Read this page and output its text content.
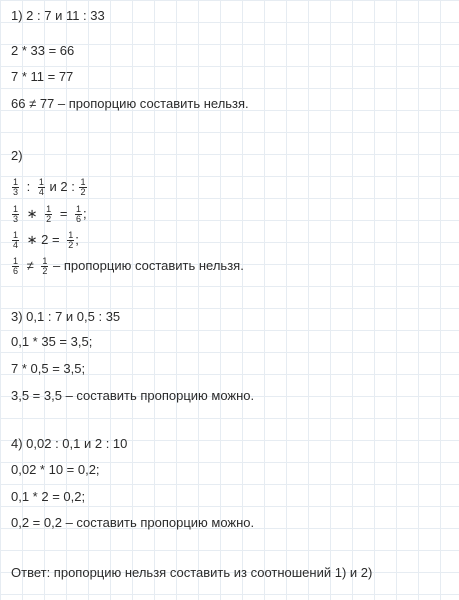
1) 2 : 7 и 11 : 33
2 * 33 = 66
7 * 11 = 77
66 ≠ 77 – пропорцию составить нельзя.
2)
$\frac{1}{3}$ : $\frac{1}{4}$ и 2 : $\frac{1}{2}$
$\frac{1}{3}$ ∗ $\frac{1}{2} = \frac{1}{6}$ ;
$\frac{1}{4}$ ∗ $2 = \frac{1}{2}$ ;
$\frac{1}{6} \ne \frac{1}{2}$ – пропорцию составить нельзя.
3) 0,1 : 7 и 0,5 : 35
0,1 * 35 = 3,5;
7 * 0,5 = 3,5;
3,5 = 3,5 – составить пропорцию можно.
4) 0,02 : 0,1 и 2 : 10
0,02 * 10 = 0,2;
0,1 * 2 = 0,2;
0,2 = 0,2 – составить пропорцию можно.
Ответ: пропорцию нельзя составить из соотношений 1) и 2)
